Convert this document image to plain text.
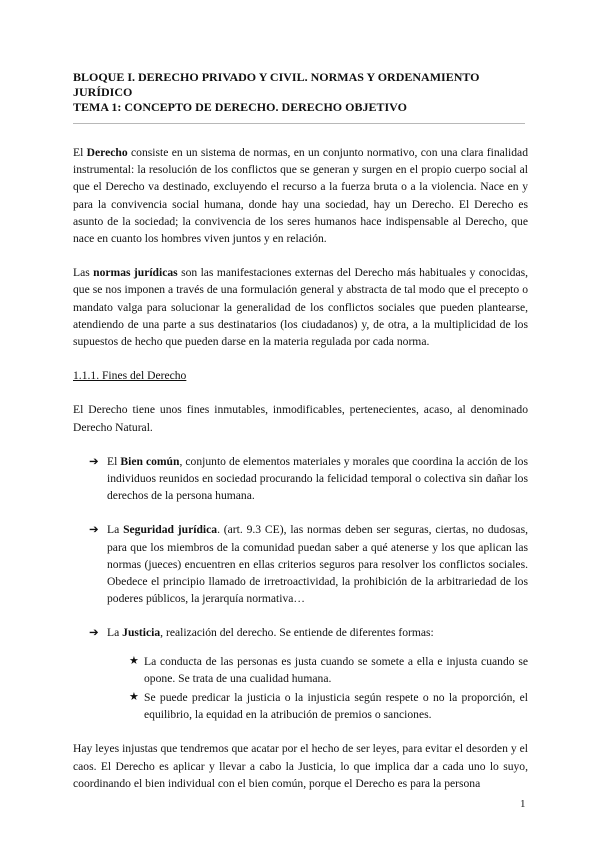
BLOQUE I. DERECHO PRIVADO Y CIVIL. NORMAS Y ORDENAMIENTO
JURÍDICO
TEMA 1: CONCEPTO DE DERECHO. DERECHO OBJETIVO

El Derecho consiste en un sistema de normas, en un conjunto normativo, con una clara finalidad instrumental: la resolución de los conflictos que se generan y surgen en el propio cuerpo social al que el Derecho va destinado, excluyendo el recurso a la fuerza bruta o a la violencia. Nace en y para la convivencia social humana, donde hay una sociedad, hay un Derecho. El Derecho es asunto de la sociedad; la convivencia de los seres humanos hace indispensable al Derecho, que nace en cuanto los hombres viven juntos y en relación.

Las normas jurídicas son las manifestaciones externas del Derecho más habituales y conocidas, que se nos imponen a través de una formulación general y abstracta de tal modo que el precepto o mandato valga para solucionar la generalidad de los conflictos sociales que pueden plantearse, atendiendo de una parte a sus destinatarios (los ciudadanos) y, de otra, a la multiplicidad de los supuestos de hecho que pueden darse en la materia regulada por cada norma.

1.1.1. Fines del Derecho

El Derecho tiene unos fines inmutables, inmodificables, pertenecientes, acaso, al denominado Derecho Natural.

➔ El Bien común, conjunto de elementos materiales y morales que coordina la acción de los individuos reunidos en sociedad procurando la felicidad temporal o colectiva sin dañar los derechos de la persona humana.
➔ La Seguridad jurídica. (art. 9.3 CE), las normas deben ser seguras, ciertas, no dudosas, para que los miembros de la comunidad puedan saber a qué atenerse y los que aplican las normas (jueces) encuentren en ellas criterios seguros para resolver los conflictos sociales. Obedece el principio llamado de irretroactividad, la prohibición de la arbitrariedad de los poderes públicos, la jerarquía normativa…
➔ La Justicia, realización del derecho. Se entiende de diferentes formas:
★ La conducta de las personas es justa cuando se somete a ella e injusta cuando se opone. Se trata de una cualidad humana.
★ Se puede predicar la justicia o la injusticia según respete o no la proporción, el equilibrio, la equidad en la atribución de premios o sanciones.

Hay leyes injustas que tendremos que acatar por el hecho de ser leyes, para evitar el desorden y el caos. El Derecho es aplicar y llevar a cabo la Justicia, lo que implica dar a cada uno lo suyo, coordinando el bien individual con el bien común, porque el Derecho es para la persona

1
